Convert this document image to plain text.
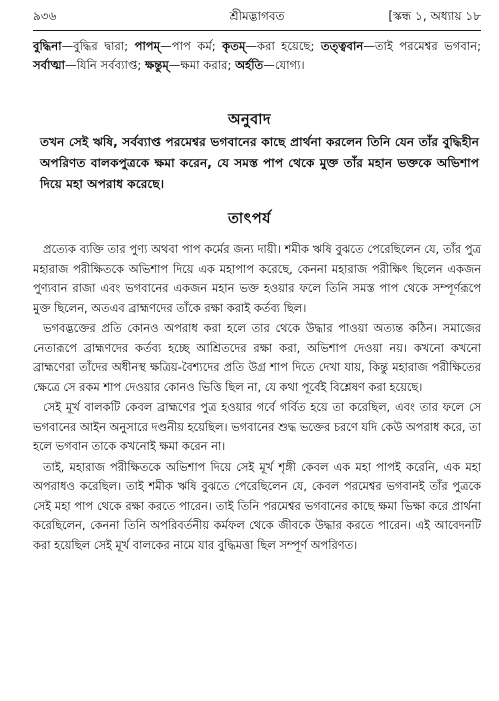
৯৩৬	শ্রীমদ্ভাগবত	[স্কন্ধ ১, অধ্যায় ১৮
বুদ্ধিনা—বুদ্ধির দ্বারা; পাপম্—পাপ কর্ম; কৃতম্—করা হয়েছে; তত্ত্ববান—তাই পরমেশ্বর ভগবান; সর্বাত্মা—যিনি সর্বব্যাপ্ত; ক্ষন্তুম্—ক্ষমা করার; অর্হতি—যোগ্য।
অনুবাদ
তখন সেই ঋষি, সর্বব্যাপ্ত পরমেশ্বর ভগবানের কাছে প্রার্থনা করলেন তিনি যেন তাঁর বুদ্ধিহীন অপরিণত বালকপুত্রকে ক্ষমা করেন, যে সমস্ত পাপ থেকে মুক্ত তাঁর মহান ভক্তকে অভিশাপ দিয়ে মহা অপরাধ করেছে।
তাৎপর্য

প্রত্যেক ব্যক্তি তার পুণ্য অথবা পাপ কর্মের জন্য দায়ী। শমীক ঋষি বুঝতে পেরেছিলেন যে, তাঁর পুত্র মহারাজ পরীক্ষিতকে অভিশাপ দিয়ে এক মহাপাপ করেছে, কেননা মহারাজ পরীক্ষিৎ ছিলেন একজন পুণ্যবান রাজা এবং ভগবানের একজন মহান ভক্ত হওয়ার ফলে তিনি সমস্ত পাপ থেকে সম্পূর্ণরূপে মুক্ত ছিলেন, অতএব ব্রাহ্মণদের তাঁকে রক্ষা করাই কর্তব্য ছিল।

ভগবদ্ভক্তের প্রতি কোনও অপরাধ করা হলে তার থেকে উদ্ধার পাওয়া অত্যন্ত কঠিন। সমাজের নেতারূপে ব্রাহ্মণদের কর্তব্য হচ্ছে আশ্রিতদের রক্ষা করা, অভিশাপ দেওয়া নয়। কখনো কখনো ব্রাহ্মণেরা তাঁদের অধীনস্থ ক্ষত্রিয়-বৈশ্যদের প্রতি উগ্র শাপ দিতে দেখা যায়, কিন্তু মহারাজ পরীক্ষিতের ক্ষেত্রে সে রকম শাপ দেওয়ার কোনও ভিত্তি ছিল না, যে কথা পূর্বেই বিশ্লেষণ করা হয়েছে।

সেই মূর্খ বালকটি কেবল ব্রাহ্মণের পুত্র হওয়ার গর্বে গর্বিত হয়ে তা করেছিল, এবং তার ফলে সে ভগবানের আইন অনুসারে দণ্ডনীয় হয়েছিল। ভগবানের শুদ্ধ ভক্তের চরণে যদি কেউ অপরাধ করে, তা হলে ভগবান তাকে কখনোই ক্ষমা করেন না।

তাই, মহারাজ পরীক্ষিতকে অভিশাপ দিয়ে সেই মূর্খ শৃঙ্গী কেবল এক মহা পাপই করেনি, এক মহা অপরাধও করেছিল। তাই শমীক ঋষি বুঝতে পেরেছিলেন যে, কেবল পরমেশ্বর ভগবানই তাঁর পুত্রকে সেই মহা পাপ থেকে রক্ষা করতে পারেন। তাই তিনি পরমেশ্বর ভগবানের কাছে ক্ষমা ভিক্ষা করে প্রার্থনা করেছিলেন, কেননা তিনি অপরিবর্তনীয় কর্মফল থেকে জীবকে উদ্ধার করতে পারেন। এই আবেদনটি করা হয়েছিল সেই মূর্খ বালকের নামে যার বুদ্ধিমত্তা ছিল সম্পূর্ণ অপরিণত।
